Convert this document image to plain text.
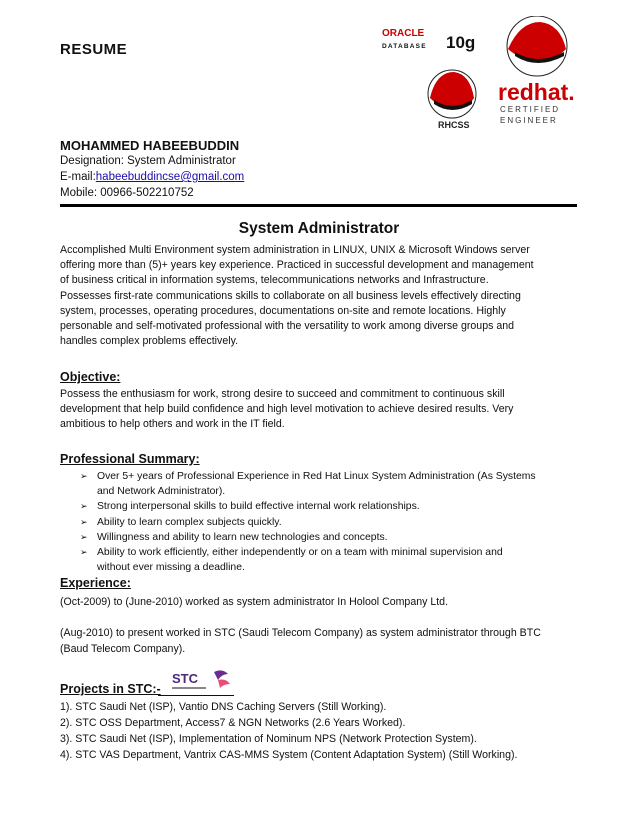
RESUME
ORACLE
DATABASE 10g
RHCSS
redhat.
CERTIFIED
ENGINEER
MOHAMMED HABEEBUDDIN
Designation: System Administrator
E-mail:habeebuddincse@gmail.com
Mobile: 00966-502210752
System Administrator
Accomplished Multi Environment system administration in LINUX, UNIX & Microsoft Windows server
offering more than (5)+ years key experience. Practiced in successful development and management
of business critical in information systems, telecommunications networks and Infrastructure.
Possesses first-rate communications skills to collaborate on all business levels effectively directing
system, processes, operating procedures, documentations on-site and remote locations. Highly
personable and self-motivated professional with the versatility to work among diverse groups and
handles complex problems effectively.
Objective:
Possess the enthusiasm for work, strong desire to succeed and commitment to continuous skill
development that help build confidence and high level motivation to achieve desired results. Very
ambitious to help others and work in the IT field.
Professional Summary:
➢ Over 5+ years of Professional Experience in Red Hat Linux System Administration (As Systems
and Network Administrator).
➢ Strong interpersonal skills to build effective internal work relationships.
➢ Ability to learn complex subjects quickly.
➢ Willingness and ability to learn new technologies and concepts.
➢ Ability to work efficiently, either independently or on a team with minimal supervision and
without ever missing a deadline.
Experience:
(Oct-2009) to (June-2010) worked as system administrator In Holool Company Ltd.
(Aug-2010) to present worked in STC (Saudi Telecom Company) as system administrator through BTC
(Baud Telecom Company).
Projects in STC:-
STC
1). STC Saudi Net (ISP), Vantio DNS Caching Servers (Still Working).
2). STC OSS Department, Access7 & NGN Networks (2.6 Years Worked).
3). STC Saudi Net (ISP), Implementation of Nominum NPS (Network Protection System).
4). STC VAS Department, Vantrix CAS-MMS System (Content Adaptation System) (Still Working).
